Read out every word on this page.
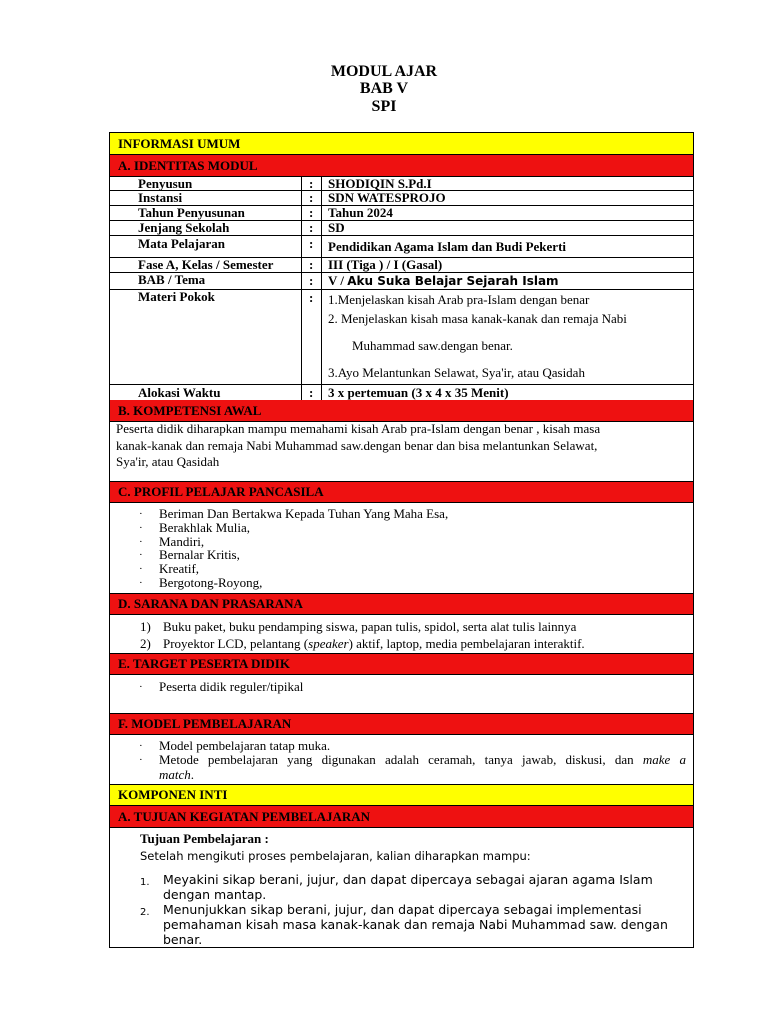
MODUL AJAR
BAB V
SPI
INFORMASI UMUM
A. IDENTITAS MODUL
Penyusun	: SHODIQIN S.Pd.I
Instansi	: SDN WATESPROJO
Tahun Penyusunan	: Tahun 2024
Jenjang Sekolah	: SD
Mata Pelajaran	: Pendidikan Agama Islam dan Budi Pekerti
Fase A, Kelas / Semester	: III (Tiga ) / I (Gasal)
BAB / Tema	: V / Aku Suka Belajar Sejarah Islam
Materi Pokok	: 1.Menjelaskan kisah Arab pra-Islam dengan benar
2. Menjelaskan kisah masa kanak-kanak dan remaja Nabi
Muhammad saw.dengan benar.
3.Ayo Melantunkan Selawat, Sya'ir, atau Qasidah
Alokasi Waktu	: 3 x pertemuan (3 x 4 x 35 Menit)
B. KOMPETENSI AWAL
Peserta didik diharapkan mampu memahami kisah Arab pra-Islam dengan benar , kisah masa
kanak-kanak dan remaja Nabi Muhammad saw.dengan benar dan bisa melantunkan Selawat,
Sya'ir, atau Qasidah
C. PROFIL PELAJAR PANCASILA
Beriman Dan Bertakwa Kepada Tuhan Yang Maha Esa,
Berakhlak Mulia,
Mandiri,
Bernalar Kritis,
Kreatif,
Bergotong-Royong,
D. SARANA DAN PRASARANA
1) Buku paket, buku pendamping siswa, papan tulis, spidol, serta alat tulis lainnya
2) Proyektor LCD, pelantang (speaker) aktif, laptop, media pembelajaran interaktif.
E. TARGET PESERTA DIDIK
Peserta didik reguler/tipikal
F. MODEL PEMBELAJARAN
Model pembelajaran tatap muka.
Metode pembelajaran yang digunakan adalah ceramah, tanya jawab, diskusi, dan make a
match.
KOMPONEN INTI
A. TUJUAN KEGIATAN PEMBELAJARAN
Tujuan Pembelajaran :
Setelah mengikuti proses pembelajaran, kalian diharapkan mampu:
1. Meyakini sikap berani, jujur, dan dapat dipercaya sebagai ajaran agama Islam
dengan mantap.
2. Menunjukkan sikap berani, jujur, dan dapat dipercaya sebagai implementasi
pemahaman kisah masa kanak-kanak dan remaja Nabi Muhammad saw. dengan
benar.
